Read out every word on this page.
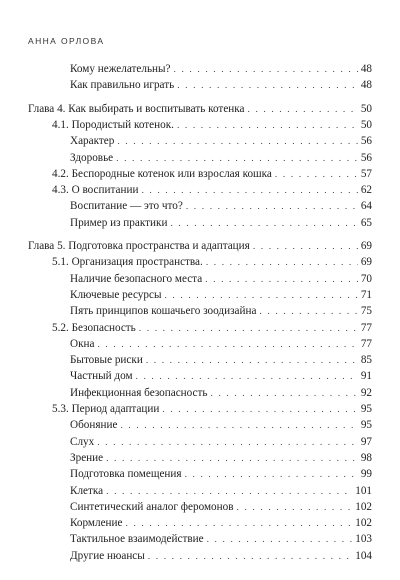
АННА ОРЛОВА
Кому нежелательны? . . .	48
Как правильно играть . . .	48
Глава 4. Как выбирать и воспитывать котенка . . .	50
4.1. Породистый котенок. . . .	50
Характер . . .	56
Здоровье . . .	56
4.2. Беспородные котенок или взрослая кошка . . .	57
4.3. О воспитании . . .	62
Воспитание — это что? . . .	64
Пример из практики . . .	65
Глава 5. Подготовка пространства и адаптация . . .	69
5.1. Организация пространства. . . .	69
Наличие безопасного места . . .	70
Ключевые ресурсы . . .	71
Пять принципов кошачьего зоодизайна . . .	75
5.2. Безопасность . . .	77
Окна . . .	77
Бытовые риски . . .	85
Частный дом . . .	91
Инфекционная безопасность . . .	92
5.3. Период адаптации . . .	95
Обоняние . . .	95
Слух . . .	97
Зрение . . .	98
Подготовка помещения . . .	99
Клетка . . .	101
Синтетический аналог феромонов . . .	102
Кормление . . .	102
Тактильное взаимодействие . . .	103
Другие нюансы . . .	104
